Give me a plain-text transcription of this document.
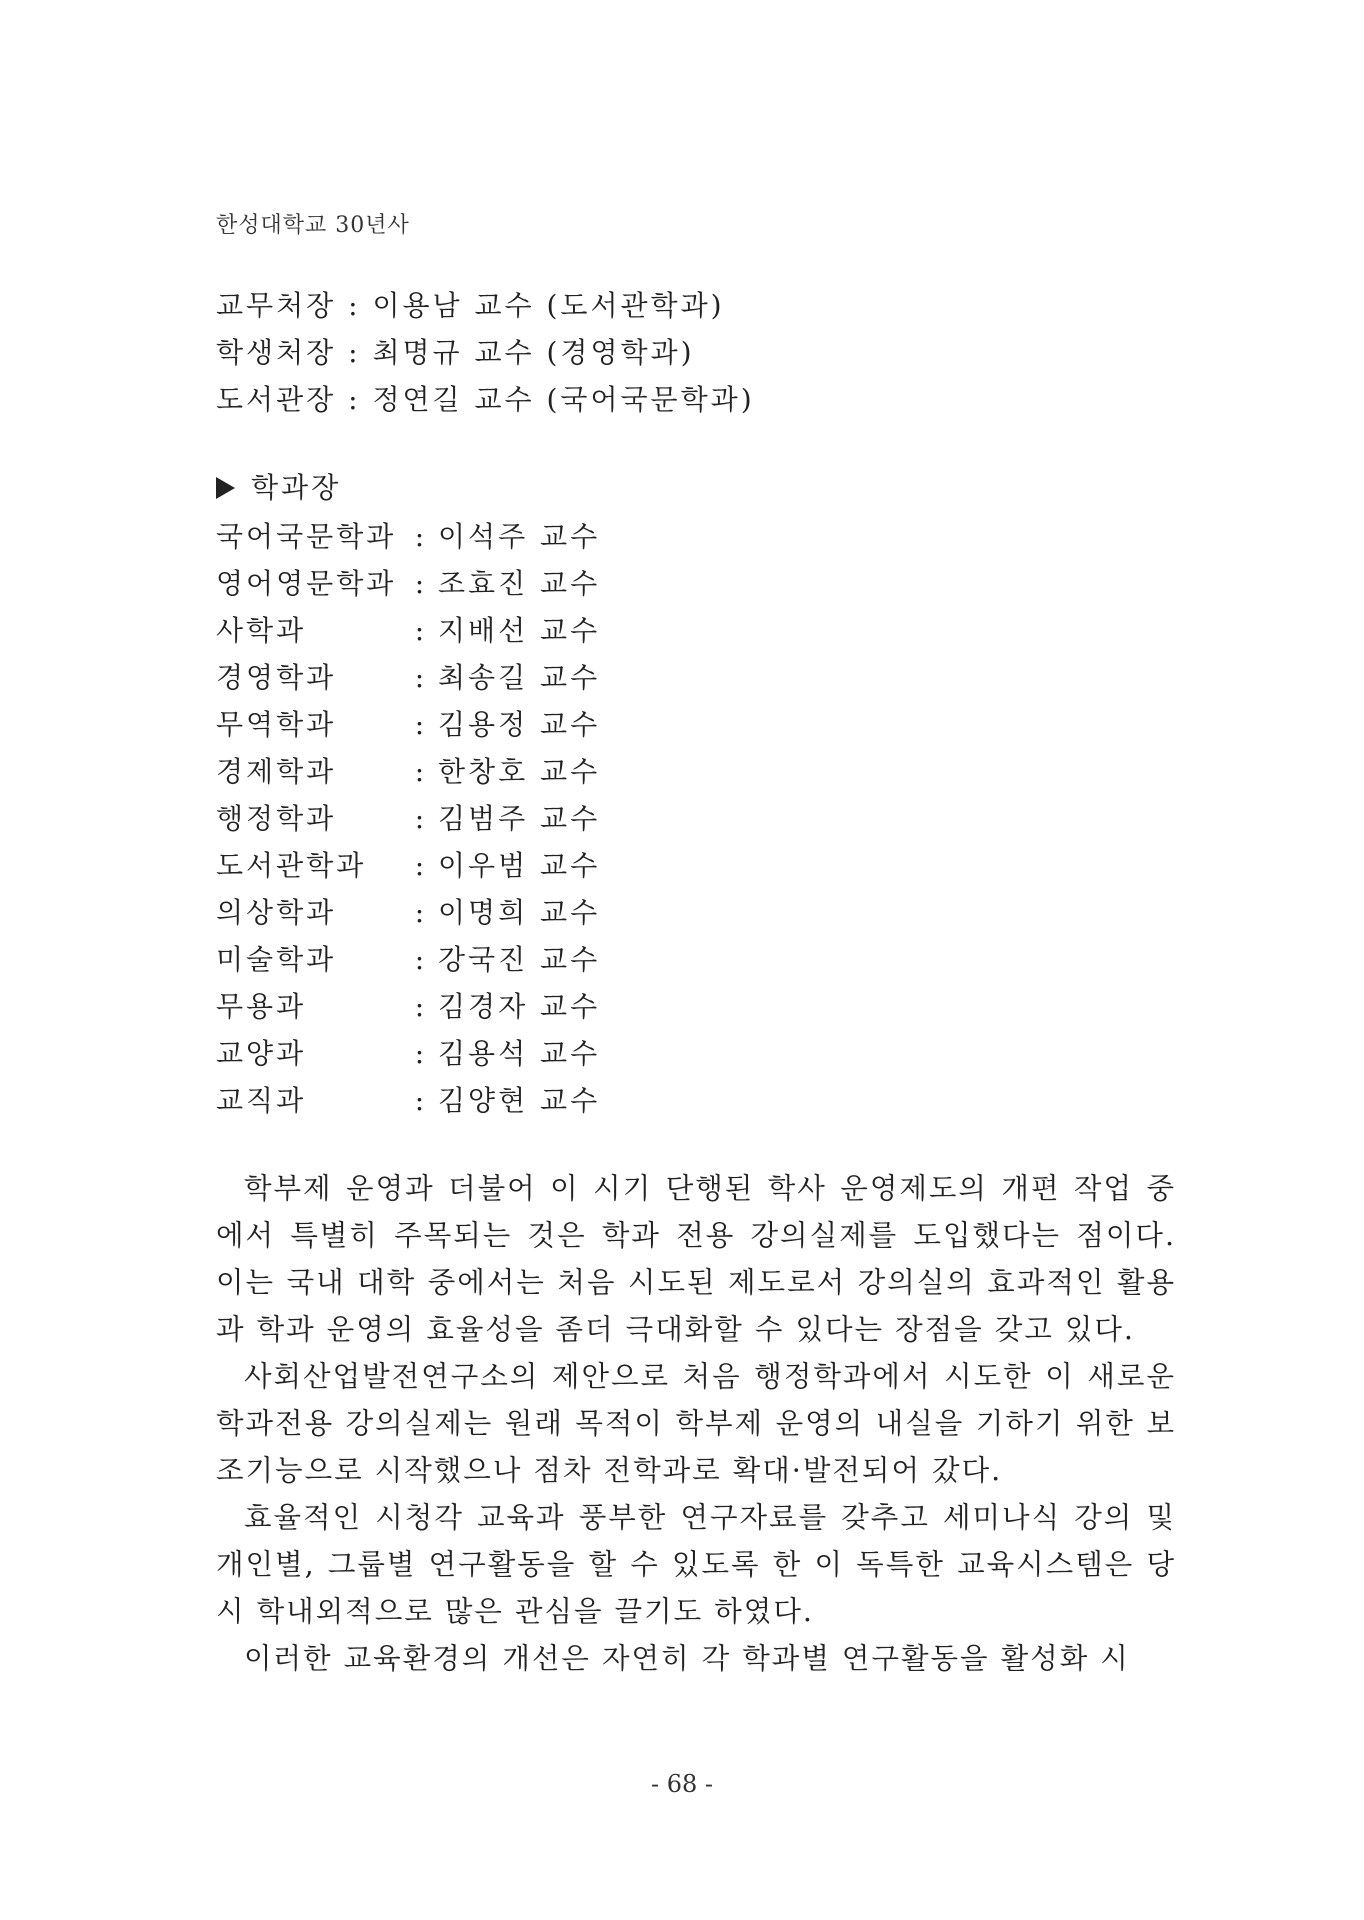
한성대학교 30년사
교무처장 : 이용남 교수 (도서관학과)
학생처장 : 최명규 교수 (경영학과)
도서관장 : 정연길 교수 (국어국문학과)
학과장
국어국문학과 : 이석주 교수
영어영문학과 : 조효진 교수
사학과	: 지배선 교수
경영학과	: 최송길 교수
무역학과	: 김용정 교수
경제학과	: 한창호 교수
행정학과	: 김범주 교수
도서관학과	: 이우범 교수
의상학과	: 이명희 교수
미술학과	: 강국진 교수
무용과	: 김경자 교수
교양과	: 김용석 교수
교직과	: 김양현 교수

학부제 운영과 더불어 이 시기 단행된 학사 운영제도의 개편 작업 중에서 특별히 주목되는 것은 학과 전용 강의실제를 도입했다는 점이다. 이는 국내 대학 중에서는 처음 시도된 제도로서 강의실의 효과적인 활용과 학과 운영의 효율성을 좀더 극대화할 수 있다는 장점을 갖고 있다.

사회산업발전연구소의 제안으로 처음 행정학과에서 시도한 이 새로운 학과전용 강의실제는 원래 목적이 학부제 운영의 내실을 기하기 위한 보조기능으로 시작했으나 점차 전학과로 확대·발전되어 갔다.

효율적인 시청각 교육과 풍부한 연구자료를 갖추고 세미나식 강의 및 개인별, 그룹별 연구활동을 할 수 있도록 한 이 독특한 교육시스템은 당시 학내외적으로 많은 관심을 끌기도 하였다.

이러한 교육환경의 개선은 자연히 각 학과별 연구활동을 활성화 시

- 68 -
